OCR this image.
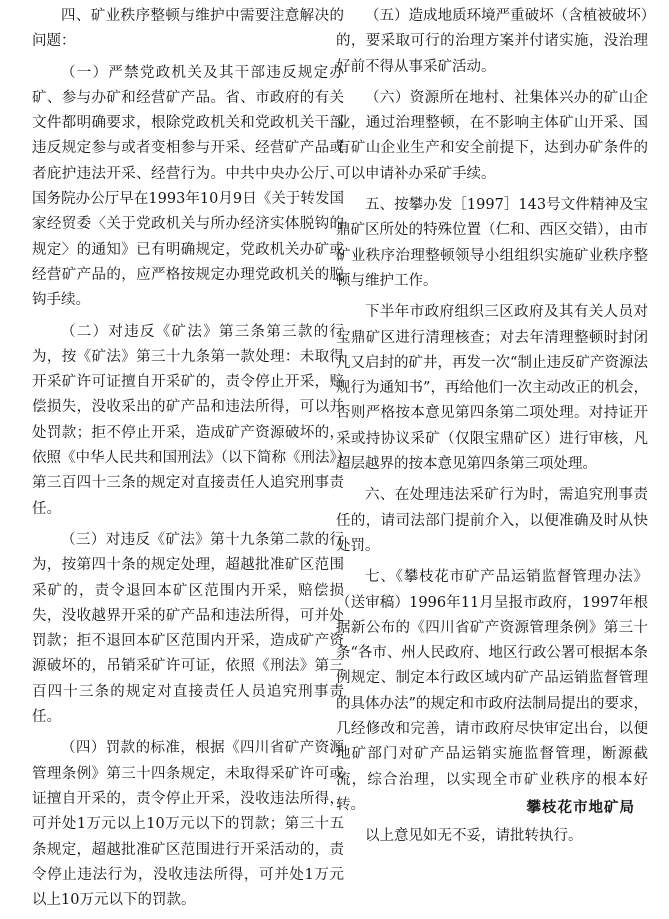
四、矿业秩序整顿与维护中需要注意解决的问题：

（一）严禁党政机关及其干部违反规定办矿、参与办矿和经营矿产品。省、市政府的有关文件都明确要求，根除党政机关和党政机关干部违反规定参与或者变相参与开采、经营矿产品或者庇护违法开采、经营行为。中共中央办公厅、国务院办公厅早在1993年10月9日《关于转发国家经贸委〈关于党政机关与所办经济实体脱钩的规定〉的通知》已有明确规定，党政机关办矿或经营矿产品的，应严格按规定办理党政机关的脱钩手续。

（二）对违反《矿法》第三条第三款的行为，按《矿法》第三十九条第一款处理：未取得开采矿许可证擅自开采矿的，责令停止开采，赔偿损失，没收采出的矿产品和违法所得，可以并处罚款；拒不停止开采，造成矿产资源破坏的，依照《中华人民共和国刑法》（以下简称《刑法》）第三百四十三条的规定对直接责任人追究刑事责任。

（三）对违反《矿法》第十九条第二款的行为，按第四十条的规定处理，超越批准矿区范围采矿的，责令退回本矿区范围内开采，赔偿损失，没收越界开采的矿产品和违法所得，可并处罚款；拒不退回本矿区范围内开采，造成矿产资源破坏的，吊销采矿许可证，依照《刑法》第三百四十三条的规定对直接责任人员追究刑事责任。

（四）罚款的标准，根据《四川省矿产资源管理条例》第三十四条规定，未取得采矿许可或证擅自开采的，责令停止开采，没收违法所得，可并处1万元以上10万元以下的罚款；第三十五条规定，超越批准矿区范围进行开采活动的，责令停止违法行为，没收违法所得，可并处1万元以上10万元以下的罚款。

（五）造成地质环境严重破坏（含植被破坏）的，要采取可行的治理方案并付诸实施，没治理好前不得从事采矿活动。

（六）资源所在地村、社集体兴办的矿山企业，通过治理整顿，在不影响主体矿山开采、国有矿山企业生产和安全前提下，达到办矿条件的可以申请补办采矿手续。

五、按攀办发［1997］143号文件精神及宝鼎矿区所处的特殊位置（仁和、西区交错），由市矿业秩序治理整顿领导小组组织实施矿业秩序整顿与维护工作。

下半年市政府组织三区政府及其有关人员对宝鼎矿区进行清理核查；对去年清理整顿时封闭凡又启封的矿井，再发一次“制止违反矿产资源法规行为通知书”，再给他们一次主动改正的机会，否则严格按本意见第四条第二项处理。对持证开采或持协议采矿（仅限宝鼎矿区）进行审核，凡超层越界的按本意见第四条第三项处理。

六、在处理违法采矿行为时，需追究刑事责任的，请司法部门提前介入，以便准确及时从快处罚。

七、《攀枝花市矿产品运销监督管理办法》（送审稿）1996年11月呈报市政府，1997年根据新公布的《四川省矿产资源管理条例》第三十条“各市、州人民政府、地区行政公署可根据本条例规定、制定本行政区域内矿产品运销监督管理的具体办法”的规定和市政府法制局提出的要求，几经修改和完善，请市政府尽快审定出台，以便地矿部门对矿产品运销实施监督管理，断源截流，综合治理，以实现全市矿业秩序的根本好转。

以上意见如无不妥，请批转执行。

攀枝花市地矿局
